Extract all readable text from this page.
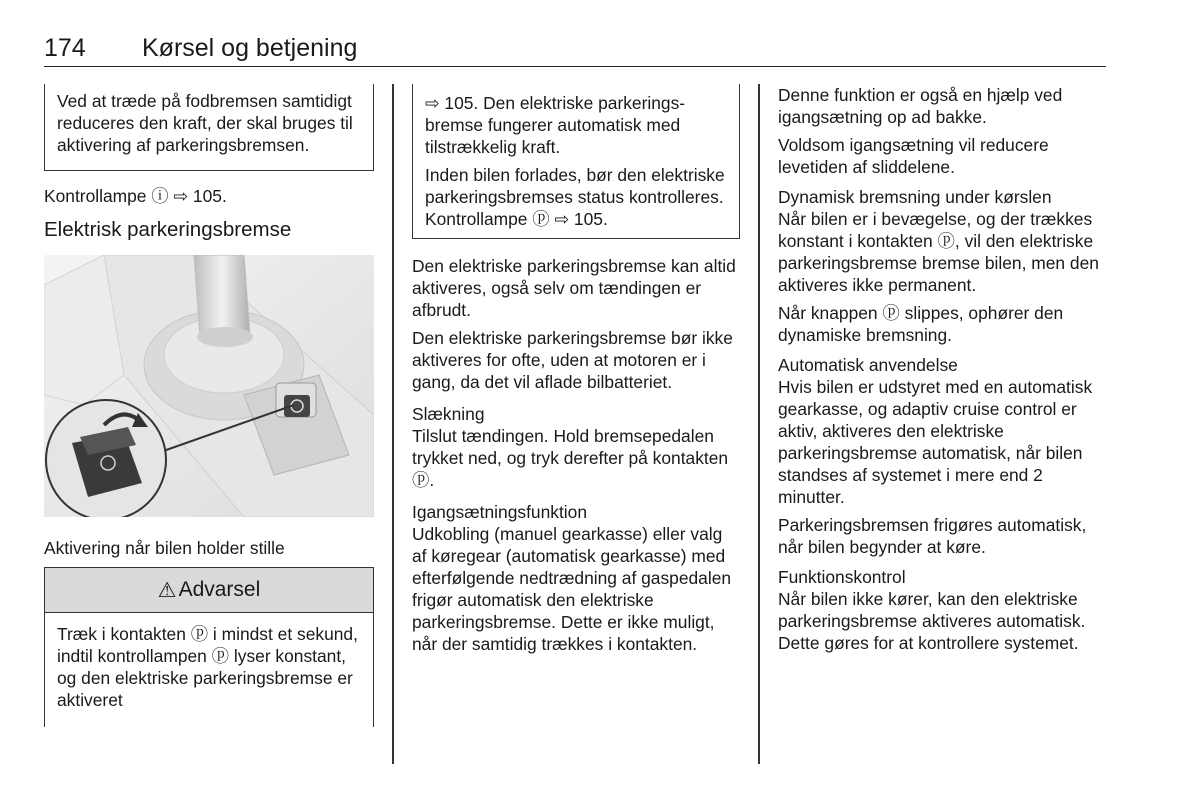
174 Kørsel og betjening

Ved at træde på fodbremsen samtidigt reduceres den kraft, der skal bruges til aktivering af parkeringsbremsen.

Kontrollampe ⓘ ⇨ 105.

Elektrisk parkeringsbremse
Aktivering når bilen holder stille
⚠ Advarsel

Træk i kontakten ⓟ i mindst et sekund, indtil kontrollampen ⓟ lyser konstant, og den elektriske parkeringsbremse er aktiveret

⇨ 105. Den elektriske parkeringsbremse fungerer automatisk med tilstrækkelig kraft.

Inden bilen forlades, bør den elektriske parkeringsbremses status kontrolleres. Kontrollampe ⓟ ⇨ 105.

Den elektriske parkeringsbremse kan altid aktiveres, også selv om tændingen er afbrudt.

Den elektriske parkeringsbremse bør ikke aktiveres for ofte, uden at motoren er i gang, da det vil aflade bilbatteriet.

Slækning

Tilslut tændingen. Hold bremsepedalen trykket ned, og tryk derefter på kontakten ⓟ.

Igangsætningsfunktion

Udkobling (manuel gearkasse) eller valg af køregear (automatisk gearkasse) med efterfølgende nedtrædning af gaspedalen frigør automatisk den elektriske parkeringsbremse. Dette er ikke muligt, når der samtidig trækkes i kontakten.

Denne funktion er også en hjælp ved igangsætning op ad bakke.

Voldsom igangsætning vil reducere levetiden af sliddelene.

Dynamisk bremsning under kørslen

Når bilen er i bevægelse, og der trækkes konstant i kontakten ⓟ, vil den elektriske parkeringsbremse bremse bilen, men den aktiveres ikke permanent.

Når knappen ⓟ slippes, ophører den dynamiske bremsning.

Automatisk anvendelse

Hvis bilen er udstyret med en automatisk gearkasse, og adaptiv cruise control er aktiv, aktiveres den elektriske parkeringsbremse automatisk, når bilen standses af systemet i mere end 2 minutter.

Parkeringsbremsen frigøres automatisk, når bilen begynder at køre.

Funktionskontrol

Når bilen ikke kører, kan den elektriske parkeringsbremse aktiveres automatisk. Dette gøres for at kontrollere systemet.
